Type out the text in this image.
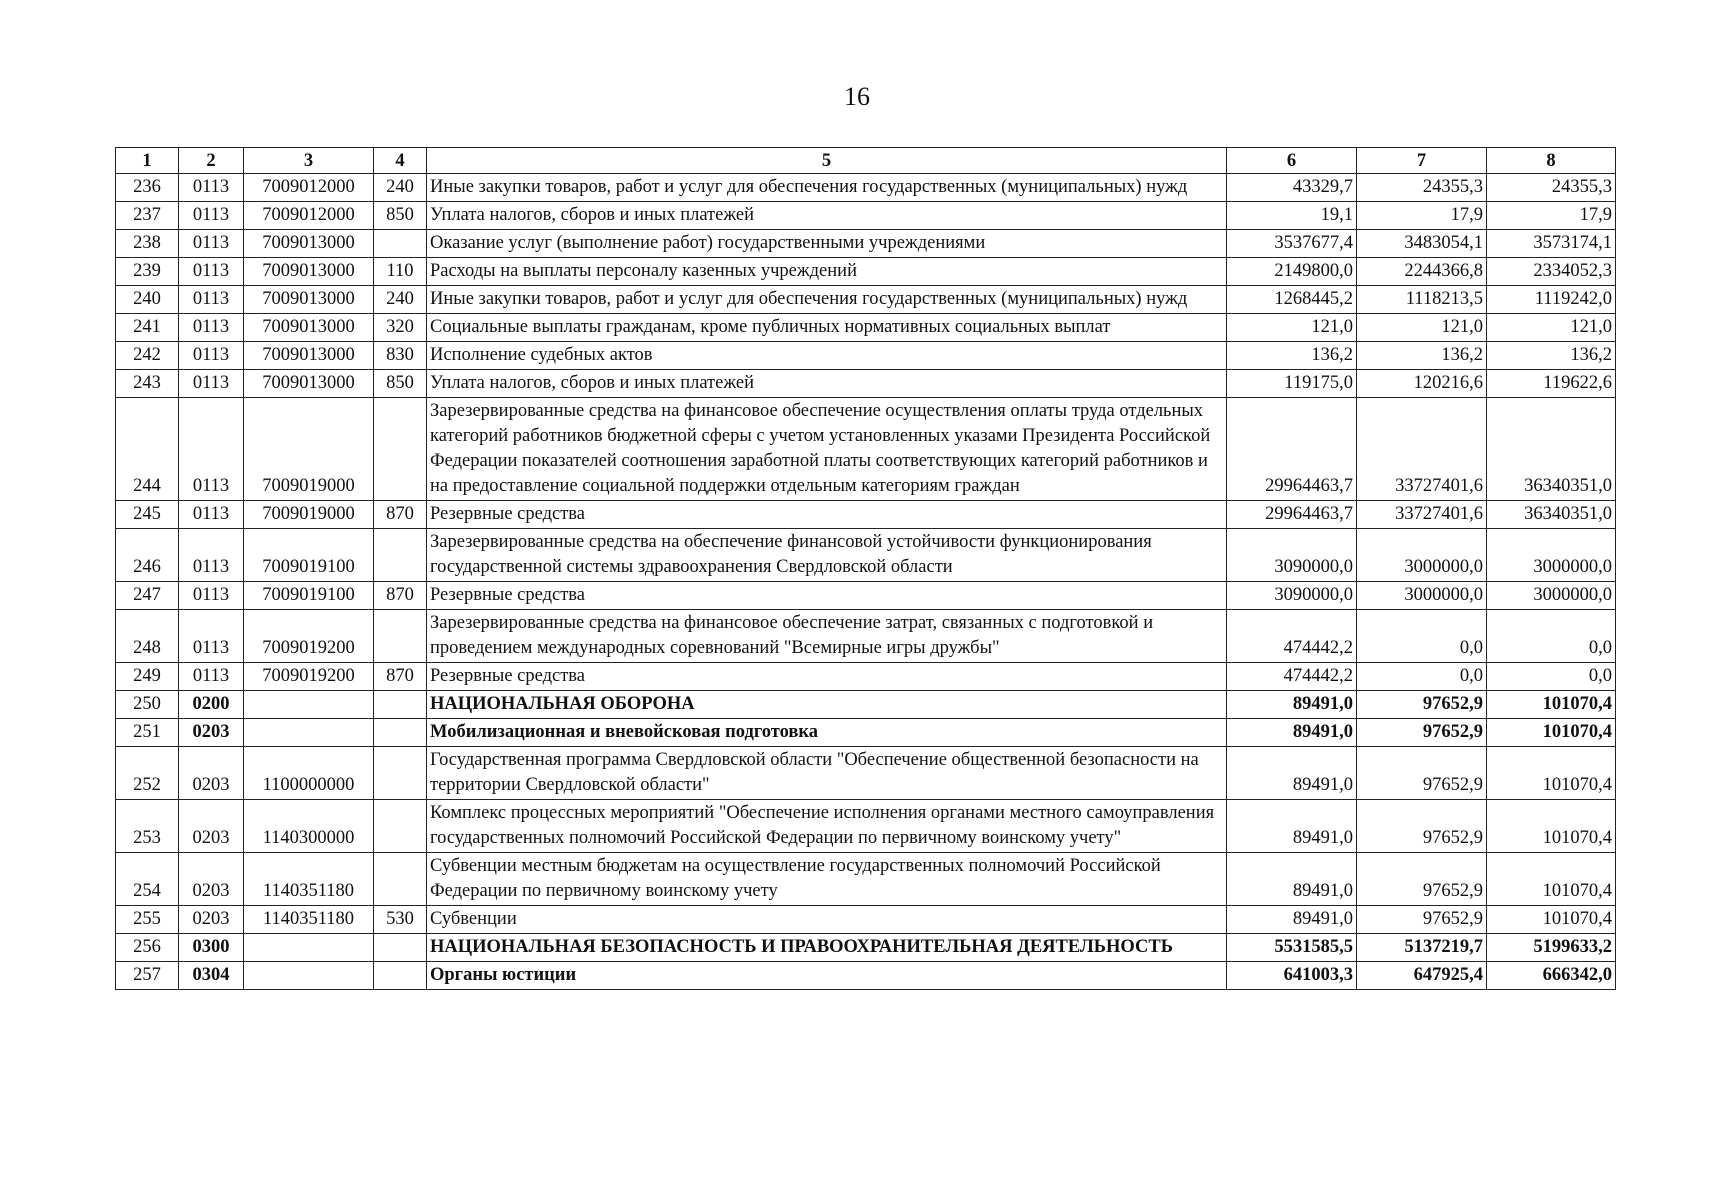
16
1	2	3	4	5	6	7	8
236	0113	7009012000	240	Иные закупки товаров, работ и услуг для обеспечения государственных (муниципальных) нужд	43329,7	24355,3	24355,3
237	0113	7009012000	850	Уплата налогов, сборов и иных платежей	19,1	17,9	17,9
238	0113	7009013000		Оказание услуг (выполнение работ) государственными учреждениями	3537677,4	3483054,1	3573174,1
239	0113	7009013000	110	Расходы на выплаты персоналу казенных учреждений	2149800,0	2244366,8	2334052,3
240	0113	7009013000	240	Иные закупки товаров, работ и услуг для обеспечения государственных (муниципальных) нужд	1268445,2	1118213,5	1119242,0
241	0113	7009013000	320	Социальные выплаты гражданам, кроме публичных нормативных социальных выплат	121,0	121,0	121,0
242	0113	7009013000	830	Исполнение судебных актов	136,2	136,2	136,2
243	0113	7009013000	850	Уплата налогов, сборов и иных платежей	119175,0	120216,6	119622,6
244	0113	7009019000		Зарезервированные средства на финансовое обеспечение осуществления оплаты труда отдельных категорий работников бюджетной сферы с учетом установленных указами Президента Российской Федерации показателей соотношения заработной платы соответствующих категорий работников и на предоставление социальной поддержки отдельным категориям граждан	29964463,7	33727401,6	36340351,0
245	0113	7009019000	870	Резервные средства	29964463,7	33727401,6	36340351,0
246	0113	7009019100		Зарезервированные средства на обеспечение финансовой устойчивости функционирования государственной системы здравоохранения Свердловской области	3090000,0	3000000,0	3000000,0
247	0113	7009019100	870	Резервные средства	3090000,0	3000000,0	3000000,0
248	0113	7009019200		Зарезервированные средства на финансовое обеспечение затрат, связанных с подготовкой и проведением международных соревнований "Всемирные игры дружбы"	474442,2	0,0	0,0
249	0113	7009019200	870	Резервные средства	474442,2	0,0	0,0
250	0200			НАЦИОНАЛЬНАЯ ОБОРОНА	89491,0	97652,9	101070,4
251	0203			Мобилизационная и вневойсковая подготовка	89491,0	97652,9	101070,4
252	0203	1100000000		Государственная программа Свердловской области "Обеспечение общественной безопасности на территории Свердловской области"	89491,0	97652,9	101070,4
253	0203	1140300000		Комплекс процессных мероприятий "Обеспечение исполнения органами местного самоуправления государственных полномочий Российской Федерации по первичному воинскому учету"	89491,0	97652,9	101070,4
254	0203	1140351180		Субвенции местным бюджетам на осуществление государственных полномочий Российской Федерации по первичному воинскому учету	89491,0	97652,9	101070,4
255	0203	1140351180	530	Субвенции	89491,0	97652,9	101070,4
256	0300			НАЦИОНАЛЬНАЯ БЕЗОПАСНОСТЬ И ПРАВООХРАНИТЕЛЬНАЯ ДЕЯТЕЛЬНОСТЬ	5531585,5	5137219,7	5199633,2
257	0304			Органы юстиции	641003,3	647925,4	666342,0
